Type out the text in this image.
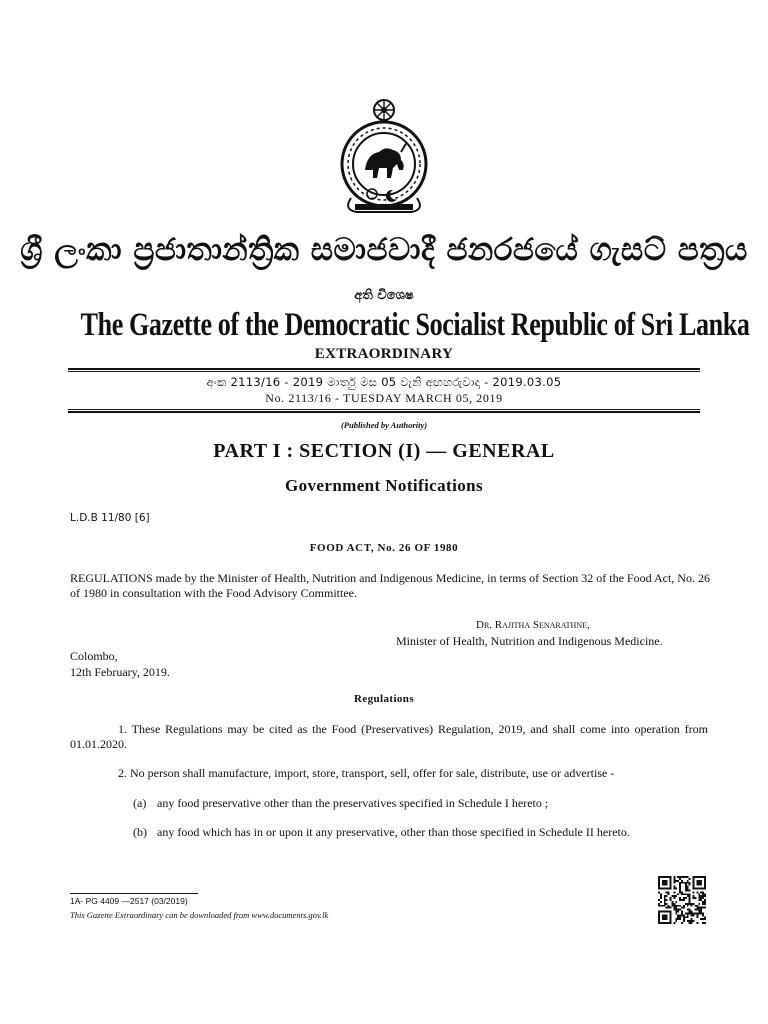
ශ්‍රී ලංකා ප්‍රජාතාන්ත්‍රික සමාජවාදී ජනරජයේ ගැසට් පත්‍රය
අති විශෙෂ
The Gazette of the Democratic Socialist Republic of Sri Lanka
EXTRAORDINARY
අංක 2113/16 - 2019 මාර්තු මස 05 වැනි අඟහරුවාදා - 2019.03.05
No. 2113/16 - TUESDAY MARCH 05, 2019
(Published by Authority)
PART I : SECTION (I) — GENERAL
Government Notifications
L.D.B 11/80 [6]
FOOD ACT, No. 26 OF 1980
REGULATIONS made by the Minister of Health, Nutrition and Indigenous Medicine, in terms of Section 32 of the Food Act, No. 26 of 1980 in consultation with the Food Advisory Committee.
Dr. Rajitha Senarathne,
Minister of Health, Nutrition and Indigenous Medicine.
Colombo,
12th February, 2019.
Regulations
1. These Regulations may be cited as the Food (Preservatives) Regulation, 2019, and shall come into operation from 01.01.2020.
2. No person shall manufacture, import, store, transport, sell, offer for sale, distribute, use or advertise -
(a) any food preservative other than the preservatives specified in Schedule I hereto ;
(b) any food which has in or upon it any preservative, other than those specified in Schedule II hereto.
1A- PG 4409 —2517 (03/2019)
This Gazette Extraordinary can be downloaded from www.documents.gov.lk
